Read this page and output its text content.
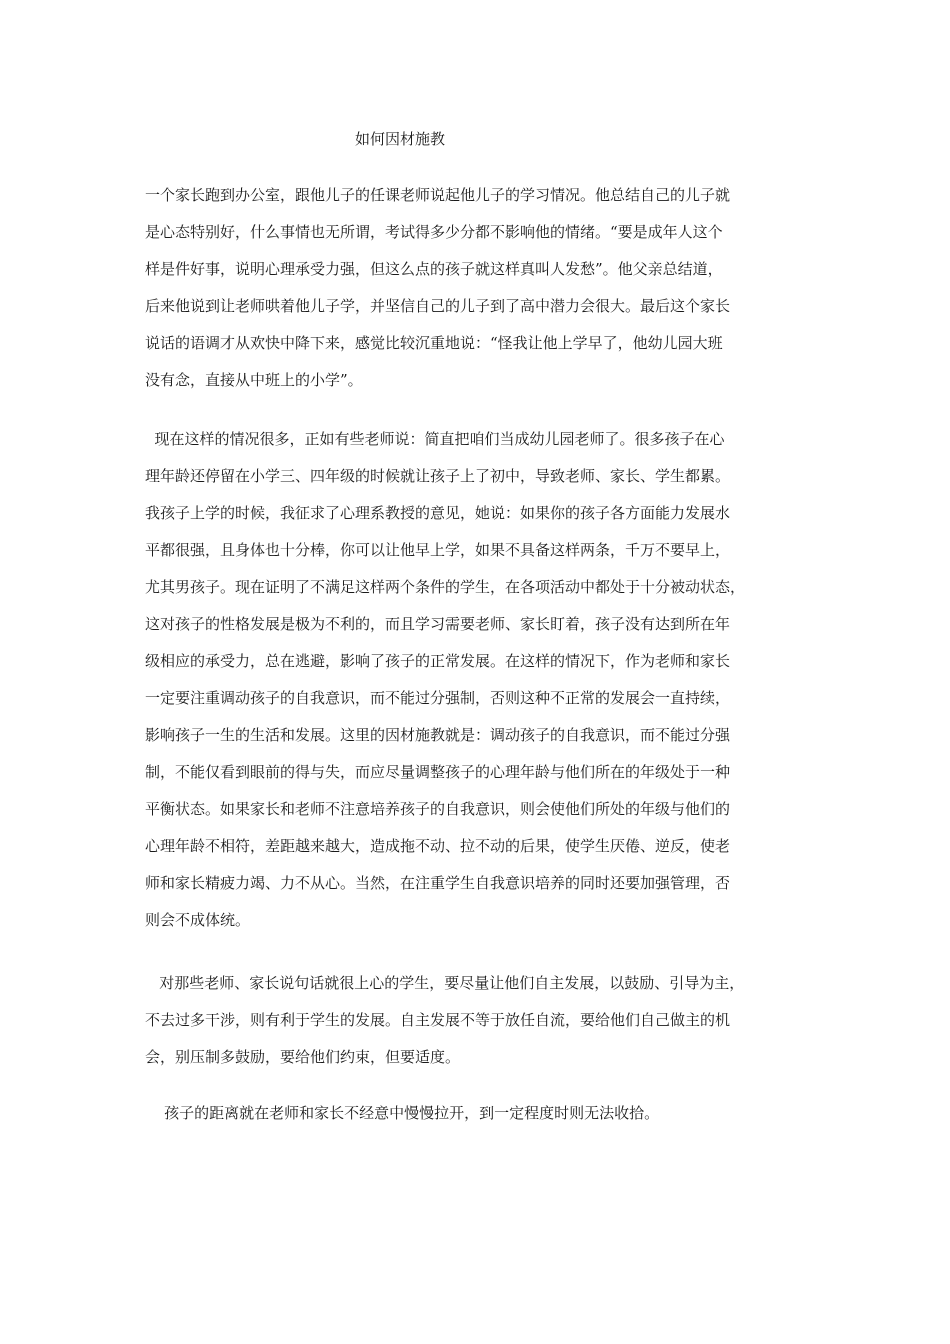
如何因材施教
一个家长跑到办公室，跟他儿子的任课老师说起他儿子的学习情况。他总结自己的儿子就
是心态特别好，什么事情也无所谓，考试得多少分都不影响他的情绪。“要是成年人这个
样是件好事，说明心理承受力强，但这么点的孩子就这样真叫人发愁”。他父亲总结道，
后来他说到让老师哄着他儿子学，并坚信自己的儿子到了高中潜力会很大。最后这个家长
说话的语调才从欢快中降下来，感觉比较沉重地说：“怪我让他上学早了，他幼儿园大班
没有念，直接从中班上的小学”。
现在这样的情况很多，正如有些老师说：简直把咱们当成幼儿园老师了。很多孩子在心
理年龄还停留在小学三、四年级的时候就让孩子上了初中，导致老师、家长、学生都累。
我孩子上学的时候，我征求了心理系教授的意见，她说：如果你的孩子各方面能力发展水
平都很强，且身体也十分棒，你可以让他早上学，如果不具备这样两条，千万不要早上，
尤其男孩子。现在证明了不满足这样两个条件的学生，在各项活动中都处于十分被动状态，
这对孩子的性格发展是极为不利的，而且学习需要老师、家长盯着，孩子没有达到所在年
级相应的承受力，总在逃避，影响了孩子的正常发展。在这样的情况下，作为老师和家长
一定要注重调动孩子的自我意识，而不能过分强制，否则这种不正常的发展会一直持续，
影响孩子一生的生活和发展。这里的因材施教就是：调动孩子的自我意识，而不能过分强
制，不能仅看到眼前的得与失，而应尽量调整孩子的心理年龄与他们所在的年级处于一种
平衡状态。如果家长和老师不注意培养孩子的自我意识，则会使他们所处的年级与他们的
心理年龄不相符，差距越来越大，造成拖不动、拉不动的后果，使学生厌倦、逆反，使老
师和家长精疲力竭、力不从心。当然，在注重学生自我意识培养的同时还要加强管理，否
则会不成体统。
对那些老师、家长说句话就很上心的学生，要尽量让他们自主发展，以鼓励、引导为主，
不去过多干涉，则有利于学生的发展。自主发展不等于放任自流，要给他们自己做主的机
会，别压制多鼓励，要给他们约束，但要适度。
孩子的距离就在老师和家长不经意中慢慢拉开，到一定程度时则无法收拾。
